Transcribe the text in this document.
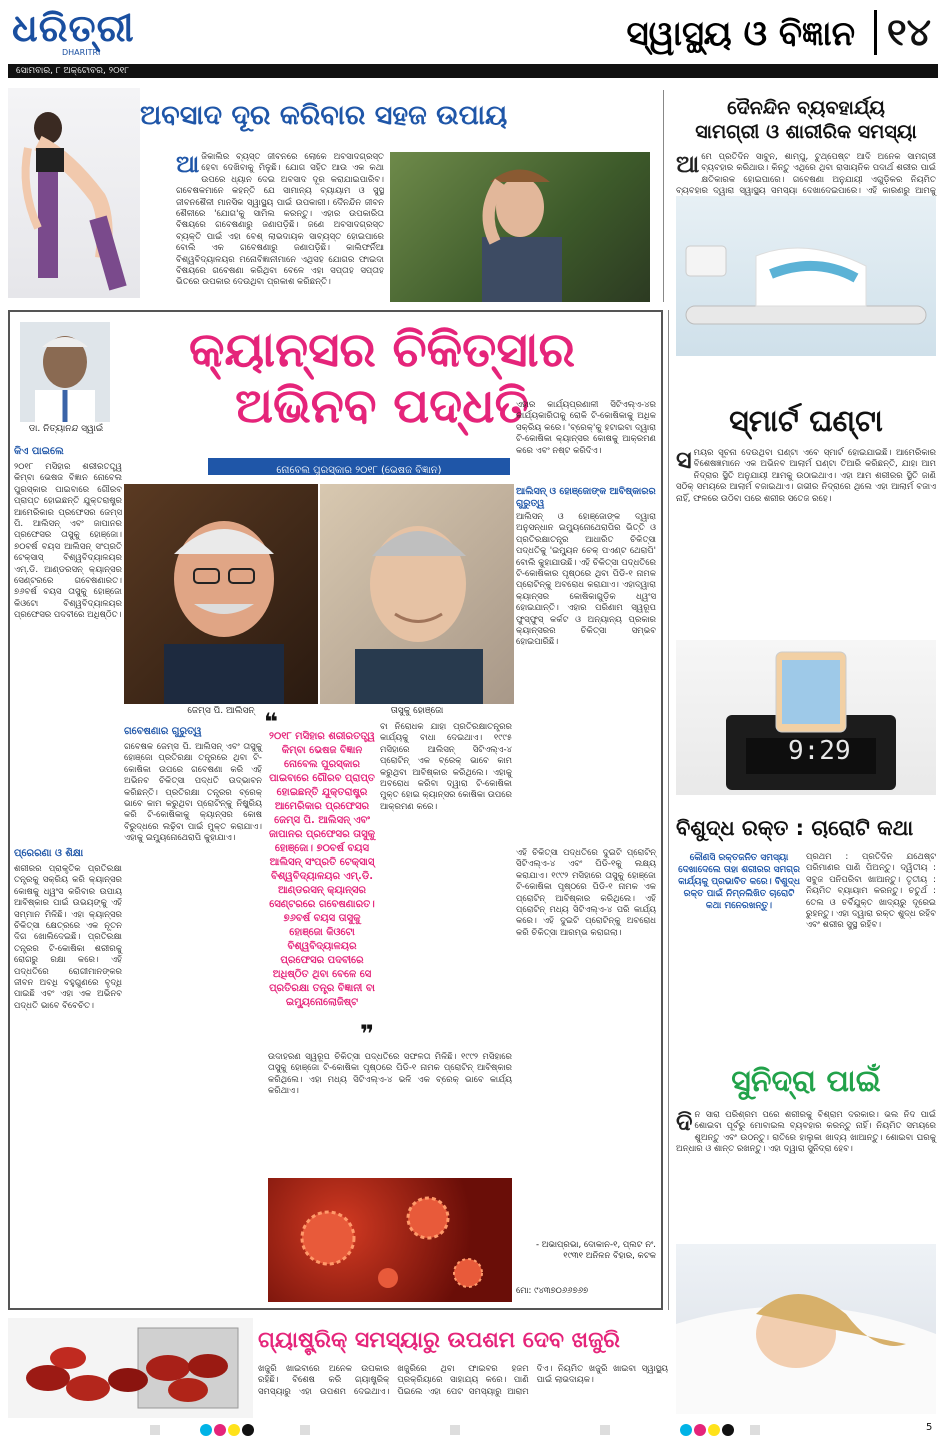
ଧରିତ୍ରୀ
DHARITRI	ସ୍ୱାସ୍ଥ୍ୟ ଓ ବିଜ୍ଞାନ ୧୪
ସୋମବାର, ୮ ଅକ୍ଟୋବର, ୨୦୧୮
ଅବସାଦ ଦୂର କରିବାର ସହଜ ଉପାୟ
ଆ ଜିକାଲିର ବ୍ୟସ୍ତ ଜୀବନରେ ଲୋକେ ଅବସାଦଗ୍ରସ୍ତ ହେବା ଦେଖିବାକୁ ମିଳୁଛି। ଯୋଗ ସହିତ ଆଉ ଏକ କଥା ଉପରେ ଧ୍ୟାନ ଦେଇ ଅବସାଦ ଦୂର କରାଯାଇପାରିବ। ଗବେଷକମାନେ କହନ୍ତି ଯେ ସାମାନ୍ୟ ବ୍ୟାୟାମ ଓ ସୁସ୍ଥ ଜୀବନଶୈଳୀ ମାନସିକ ସ୍ୱାସ୍ଥ୍ୟ ପାଇଁ ଉପକାରୀ। ଦୈନନ୍ଦିନ ଜୀବନ ଶୈଳୀରେ 'ଯୋଗ'କୁ ସାମିଲ କରନ୍ତୁ। ଏହାର ଉପକାରିତା ବିଷୟରେ ଗବେଷଣାରୁ ଜଣାପଡ଼ିଛି। ଜଣେ ଅବସାଦଗ୍ରସ୍ତ ବ୍ୟକ୍ତି ପାଇଁ ଏହା ବେଶ୍ ଲାଭଦାୟକ ସାବ୍ୟସ୍ତ ହୋଇପାରେ ବୋଲି ଏକ ଗବେଷଣାରୁ ଜଣାପଡ଼ିଛି। କାଲିଫର୍ନିଆ ବିଶ୍ୱବିଦ୍ୟାଳୟର ମନୋବିଜ୍ଞାନୀମାନେ ଏଥିସହ ଯୋଗର ଫାଇଦା ବିଷୟରେ ଗବେଷଣା କରିଥିବା ବେଳେ ଏହା ସପ୍ତାହ ସପ୍ତାହ ଭିତରେ ଉପକାର ଦେଉଥିବା ପ୍ରକାଶ କରିଛନ୍ତି।
ଦୈନନ୍ଦିନ ବ୍ୟବହାର୍ଯ୍ୟ
ସାମଗ୍ରୀ ଓ ଶାରୀରିକ ସମସ୍ୟା
ଆ ମେ ପ୍ରତିଦିନ ସାବୁନ, ଶାମ୍ପୁ, ଟୁଥ୍‌ପେଷ୍ଟ ଆଦି ଅନେକ ସାମଗ୍ରୀ ବ୍ୟବହାର କରିଥାଉ। କିନ୍ତୁ ଏଥିରେ ଥିବା ରାସାୟନିକ ପଦାର୍ଥ ଶରୀର ପାଇଁ କ୍ଷତିକାରକ ହୋଇପାରେ। ଗବେଷଣା ଅନୁଯାୟୀ ଏଗୁଡ଼ିକର ନିୟମିତ ବ୍ୟବହାର ଦ୍ୱାରା ସ୍ୱାସ୍ଥ୍ୟ ସମସ୍ୟା ଦେଖାଦେଇପାରେ। ଏହି କାରଣରୁ ଆମକୁ
ଡା. ନିତ୍ୟାନନ୍ଦ ସ୍ୱାଇଁ
କ୍ୟାନ୍‌ସର ଚିକିତ୍ସାର
ଅଭିନବ ପଦ୍ଧତି
ନୋବେଲ ପୁରସ୍କାର ୨୦୧୮ (ଭେଷଜ ବିଜ୍ଞାନ)
କିଏ ପାଇଲେ
୨୦୧୮ ମସିହାର ଶରୀରତତ୍ତ୍ୱ କିମ୍ବା ଭେଷଜ ବିଜ୍ଞାନ ନୋବେଲ ପୁରସ୍କାର ପାଇବାରେ ଗୌରବ ପ୍ରାପ୍ତ ହୋଇଛନ୍ତି ଯୁକ୍ତରାଷ୍ଟ୍ର ଆମେରିକାର ପ୍ରଫେସର ଜେମ୍ସ ପି. ଆଲିସନ୍ ଏବଂ ଜାପାନର ପ୍ରଫେସର ତାସୁକୁ ହୋଞ୍ଜୋ। ୭୦ବର୍ଷ ବୟସ ଆଲିସନ୍ ସଂପ୍ରତି ଟେକ୍ସାସ୍ ବିଶ୍ୱବିଦ୍ୟାଳୟର ଏମ୍.ଡି. ଆଣ୍ଡରସନ୍ କ୍ୟାନ୍‌ସର ସେଣ୍ଟରରେ ଗବେଷଣାରତ। ୭୬ବର୍ଷ ବୟସ ତାସୁକୁ ହୋଞ୍ଜୋ କିଓଟୋ ବିଶ୍ୱବିଦ୍ୟାଳୟର ପ୍ରଫେସର ପଦବୀରେ ଅଧିଷ୍ଠିତ।
ପ୍ରେରଣା ଓ ଶିକ୍ଷା
ଶରୀରର ପ୍ରାକୃତିକ ପ୍ରତିରକ୍ଷା ତନ୍ତ୍ରକୁ ସକ୍ରିୟ କରି କ୍ୟାନ୍‌ସର କୋଷକୁ ଧ୍ୱଂସ କରିବାର ଉପାୟ ଆବିଷ୍କାର ପାଇଁ ଉଭୟଙ୍କୁ ଏହି ସମ୍ମାନ ମିଳିଛି। ଏହା କ୍ୟାନ୍‌ସର ଚିକିତ୍ସା କ୍ଷେତ୍ରରେ ଏକ ନୂତନ ଦିଗ ଖୋଲିଦେଇଛି। ପ୍ରତିରକ୍ଷା ତନ୍ତ୍ରର ଟି-କୋଷିକା ଶରୀରକୁ ରୋଗରୁ ରକ୍ଷା କରେ। ଏହି ପଦ୍ଧତିରେ ରୋଗୀମାନଙ୍କର ଜୀବନ ଅବଧି ବହୁଗୁଣରେ ବୃଦ୍ଧି ପାଇଛି ଏବଂ ଏହା ଏକ ଅଭିନବ ପଦ୍ଧତି ଭାବେ ବିବେଚିତ।
ଜେମ୍ସ ପି. ଆଲିସନ୍	ତାସୁକୁ ହୋଞ୍ଜୋ
ଗବେଷଣାର ଗୁରୁତ୍ୱ
ଗବେଷକ ଜେମ୍ସ ପି. ଆଲିସନ୍ ଏବଂ ତାସୁକୁ ହୋଞ୍ଜୋ ପ୍ରତିରକ୍ଷା ତନ୍ତ୍ରରେ ଥିବା ଟି-କୋଷିକା ଉପରେ ଗବେଷଣା କରି ଏହି ଅଭିନବ ଚିକିତ୍ସା ପଦ୍ଧତି ଉଦ୍ଭାବନ କରିଛନ୍ତି। ପ୍ରତିରକ୍ଷା ତନ୍ତ୍ରର ବ୍ରେକ୍ ଭାବେ କାମ କରୁଥିବା ପ୍ରୋଟିନ୍‌କୁ ନିଷ୍କ୍ରିୟ କରି ଟି-କୋଷିକାକୁ କ୍ୟାନ୍‌ସର କୋଷ ବିରୁଦ୍ଧରେ ଲଢ଼ିବା ପାଇଁ ମୁକ୍ତ କରାଯାଏ। ଏହାକୁ ଇମ୍ୟୁନୋଥେରାପି କୁହାଯାଏ।
୨୦୧୮ ମସିହାର ଶରୀରତତ୍ତ୍ୱ କିମ୍ବା ଭେଷଜ ବିଜ୍ଞାନ ନୋବେଲ ପୁରସ୍କାର ପାଇବାରେ ଗୌରବ ପ୍ରାପ୍ତ ହୋଇଛନ୍ତି ଯୁକ୍ତରାଷ୍ଟ୍ର ଆମେରିକାର ପ୍ରଫେସର ଜେମ୍ସ ପି. ଆଲିସନ୍ ଏବଂ ଜାପାନର ପ୍ରଫେସର ତାସୁକୁ ହୋଞ୍ଜୋ। ୭୦ବର୍ଷ ବୟସ ଆଲିସନ୍ ସଂପ୍ରତି ଟେକ୍ସାସ୍ ବିଶ୍ୱବିଦ୍ୟାଳୟର ଏମ୍.ଡି. ଆଣ୍ଡରସନ୍ କ୍ୟାନ୍‌ସର ସେଣ୍ଟରରେ ଗବେଷଣାରତ। ୭୬ବର୍ଷ ବୟସ ତାସୁକୁ ହୋଞ୍ଜୋ କିଓଟୋ ବିଶ୍ୱବିଦ୍ୟାଳୟର ପ୍ରଫେସର ପଦବୀରେ ଅଧିଷ୍ଠିତ ଥିବା ବେଳେ ସେ ପ୍ରତିରକ୍ଷା ତନ୍ତ୍ର ବିଜ୍ଞାନୀ ବା ଇମ୍ୟୁନୋଲୋଜିଷ୍ଟ
❝
❞
ଏହାର କାର୍ଯ୍ୟପ୍ରଣାଳୀ ସିଟିଏଲ୍ଏ-୪ର କାର୍ଯ୍ୟକାରିତାକୁ ରୋକି ଟି-କୋଷିକାକୁ ଅଧିକ ସକ୍ରିୟ କରେ। 'ବ୍ରେକ୍'କୁ ହଟାଇବା ଦ୍ୱାରା ଟି-କୋଷିକା କ୍ୟାନ୍‌ସର କୋଷକୁ ଆକ୍ରମଣ କରେ ଏବଂ ନଷ୍ଟ କରିଦିଏ।
ଆଲିସନ୍ ଓ ହୋଞ୍ଜୋଙ୍କ ଆବିଷ୍କାରର ଗୁରୁତ୍ୱ
ଆଲିସନ୍ ଓ ହୋଞ୍ଜୋଙ୍କ ଦ୍ୱାରା ଅନୁସନ୍ଧାନ ଇମ୍ୟୁନୋଥେରାପିର ଭିତ୍ତି ଓ ପ୍ରତିରକ୍ଷାତନ୍ତ୍ର ଆଧାରିତ ଚିକିତ୍ସା ପଦ୍ଧତିକୁ 'ଇମ୍ୟୁନ ଚେକ୍ ପଏଣ୍ଟ ଥେରାପି' ବୋଲି କୁହାଯାଉଛି। ଏହି ଚିକିତ୍ସା ପଦ୍ଧତିରେ ଟି-କୋଷିକାର ପୃଷ୍ଠରେ ଥିବା ପିଡି-୧ ନାମକ ପ୍ରୋଟିନ୍‌କୁ ଅବରୋଧ କରାଯାଏ। ଏହାଦ୍ୱାରା କ୍ୟାନ୍‌ସର କୋଷିକାଗୁଡ଼ିକ ଧ୍ୱଂସ ହୋଇଯାନ୍ତି। ଏହାର ପରିଣାମ ସ୍ୱରୂପ ଫୁସ୍‌ଫୁସ୍ କର୍କଟ ଓ ଅନ୍ୟାନ୍ୟ ପ୍ରକାର କ୍ୟାନ୍‌ସରର ଚିକିତ୍ସା ସମ୍ଭବ ହୋଇପାରିଛି।
ଏହି ଚିକିତ୍ସା ପଦ୍ଧତିରେ ଦୁଇଟି ପ୍ରୋଟିନ୍ ସିଟିଏଲ୍ଏ-୪ ଏବଂ ପିଡି-୧କୁ ଲକ୍ଷ୍ୟ କରାଯାଏ। ୧୯୯୨ ମସିହାରେ ତାସୁକୁ ହୋଞ୍ଜୋ ଟି-କୋଷିକା ପୃଷ୍ଠରେ ପିଡି-୧ ନାମକ ଏକ ପ୍ରୋଟିନ୍ ଆବିଷ୍କାର କରିଥିଲେ। ଏହି ପ୍ରୋଟିନ୍ ମଧ୍ୟ ସିଟିଏଲ୍ଏ-୪ ପରି କାର୍ଯ୍ୟ କରେ। ଏହି ଦୁଇଟି ପ୍ରୋଟିନ୍‌କୁ ଅବରୋଧ କରି ଚିକିତ୍ସା ଆରମ୍ଭ କରାଗଲା।
ବା ନିରୋଧକ ଯାହା ପ୍ରତିରକ୍ଷାତନ୍ତ୍ରର କାର୍ଯ୍ୟକୁ ବାଧା ଦେଇଥାଏ। ୧୯୯୫ ମସିହାରେ ଆଲିସନ୍ ସିଟିଏଲ୍ଏ-୪ ପ୍ରୋଟିନ୍ ଏକ ବ୍ରେକ୍ ଭାବେ କାମ କରୁଥିବା ଆବିଷ୍କାର କରିଥିଲେ। ଏହାକୁ ଅବରୋଧ କରିବା ଦ୍ୱାରା ଟି-କୋଷିକା ମୁକ୍ତ ହୋଇ କ୍ୟାନ୍‌ସର କୋଷିକା ଉପରେ ଆକ୍ରମଣ କରେ।
ଉଦାହରଣ ସ୍ୱରୂପ ଚିକିତ୍ସା ପଦ୍ଧତିରେ ସଫଳତା ମିଳିଛି। ୧୯୯୨ ମସିହାରେ ତାସୁକୁ ହୋଞ୍ଜୋ ଟି-କୋଷିକା ପୃଷ୍ଠରେ ପିଡି-୧ ନାମକ ପ୍ରୋଟିନ୍ ଆବିଷ୍କାର କରିଥିଲେ। ଏହା ମଧ୍ୟ ସିଟିଏଲ୍ଏ-୪ ଭଳି ଏକ ବ୍ରେକ୍ ଭାବେ କାର୍ଯ୍ୟ କରିଥାଏ।
- ଅଭାପ୍ରଭା, ଦୋକାନ-୧, ପ୍ଲଟ ନଂ. ୧୯୩୧ ଅନିଳନ ବିହାର, କଟକ
ମୋ: ୯୪୩୭୦୬୬୭୬୭
ସ୍ମାର୍ଟ ଘଣ୍ଟା
ସ ମୟର ସୂଚନା ଦେଉଥିବା ଘଣ୍ଟା ଏବେ ସ୍ମାର୍ଟ ହୋଇଯାଇଛି। ଆମେରିକାର ବିଶେଷଜ୍ଞମାନେ ଏକ ଅଭିନବ ଆଲାର୍ମ ଘଣ୍ଟା ତିଆରି କରିଛନ୍ତି, ଯାହା ଆମ ନିଦ୍ରାର ସ୍ଥିତି ଅନୁଯାୟୀ ଆମକୁ ଉଠାଇଥାଏ। ଏହା ଆମ ଶରୀରର ସ୍ଥିତି ଜାଣି ସଠିକ୍ ସମୟରେ ଆଲାର୍ମ ବଜାଇଥାଏ। ଗଭୀର ନିଦ୍ରାରେ ଥିଲେ ଏହା ଆଲାର୍ମ ବଜାଏ ନାହିଁ, ଫଳରେ ଉଠିବା ପରେ ଶରୀର ସତେଜ ରହେ।
9:29
ବିଶୁଦ୍ଧ ରକ୍ତ : ଚାରୋଟି କଥା
କୌଣସି ରକ୍ତଜନିତ ସମସ୍ୟା ଦେଖାଦେଲେ ତାହା ଶରୀରର ସମଗ୍ର କାର୍ଯ୍ୟକୁ ପ୍ରଭାବିତ କରେ। ବିଶୁଦ୍ଧ ରକ୍ତ ପାଇଁ ନିମ୍ନଲିଖିତ ଚାରୋଟି କଥା ମନେରଖନ୍ତୁ।
ପ୍ରଥମ : ପ୍ରତିଦିନ ଯଥେଷ୍ଟ ପରିମାଣର ପାଣି ପିଅନ୍ତୁ। ଦ୍ୱିତୀୟ : ସବୁଜ ପନିପରିବା ଖାଆନ୍ତୁ। ତୃତୀୟ : ନିୟମିତ ବ୍ୟାୟାମ କରନ୍ତୁ। ଚତୁର୍ଥ : ତେଲ ଓ ଚର୍ବିଯୁକ୍ତ ଖାଦ୍ୟରୁ ଦୂରେଇ ରୁହନ୍ତୁ। ଏହା ଦ୍ୱାରା ରକ୍ତ ଶୁଦ୍ଧ ରହିବ ଏବଂ ଶରୀର ସୁସ୍ଥ ରହିବ।
ସୁନିଦ୍ରା ପାଇଁ
ଦି ନ ସାରା ପରିଶ୍ରମ ପରେ ଶରୀରକୁ ବିଶ୍ରାମ ଦରକାର। ଭଲ ନିଦ ପାଇଁ ଶୋଇବା ପୂର୍ବରୁ ମୋବାଇଲ ବ୍ୟବହାର କରନ୍ତୁ ନାହିଁ। ନିୟମିତ ସମୟରେ ଶୁଅନ୍ତୁ ଏବଂ ଉଠନ୍ତୁ। ରାତିରେ ହାଲୁକା ଖାଦ୍ୟ ଖାଆନ୍ତୁ। ଶୋଇବା ଘରକୁ ଅନ୍ଧାର ଓ ଶାନ୍ତ ରଖନ୍ତୁ। ଏହା ଦ୍ୱାରା ସୁନିଦ୍ରା ହେବ।
ଗ୍ୟାଷ୍ଟ୍ରିକ୍ ସମସ୍ୟାରୁ ଉପଶମ ଦେବ ଖଜୁରି
ଖଜୁରି ଖାଇବାରେ ଅନେକ ଉପକାର ରହିଛି। ବିଶେଷ କରି ଗ୍ୟାଷ୍ଟ୍ରିକ୍ ସମସ୍ୟାରୁ ଏହା ଉପଶମ ଦେଇଥାଏ। ଖଜୁରିରେ ଥିବା ଫାଇବର ହଜମ ପ୍ରକ୍ରିୟାରେ ସାହାଯ୍ୟ କରେ। ପାଣି ପିଇଲେ ଏହା ପେଟ ସମସ୍ୟାରୁ ଆରାମ ଦିଏ। ନିୟମିତ ଖଜୁରି ଖାଇବା ସ୍ୱାସ୍ଥ୍ୟ ପାଇଁ ଲାଭଦାୟକ।
5
